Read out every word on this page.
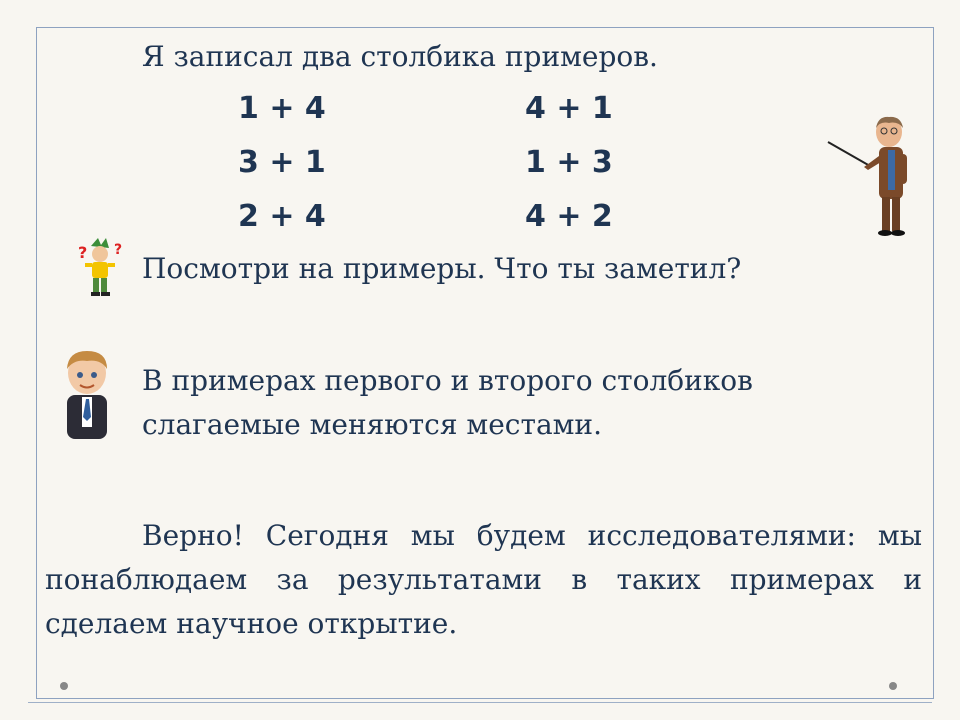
Я записал два столбика примеров.
1 + 4
3 + 1
2 + 4
4 + 1
1 + 3
4 + 2
? ?
Посмотри на примеры. Что ты заметил?
В примерах первого и второго столбиков
слагаемые меняются местами.
Верно! Сегодня мы будем исследователями: мы понаблюдаем за результатами в таких примерах и сделаем научное открытие.
